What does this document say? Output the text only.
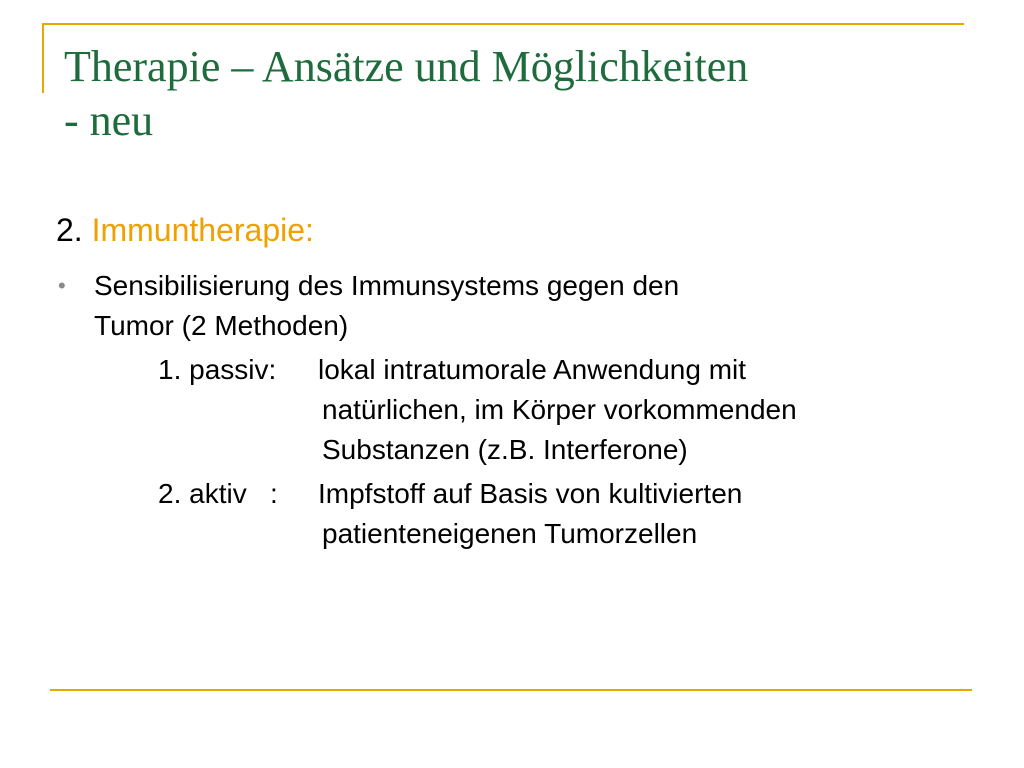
Therapie – Ansätze und Möglichkeiten
- neu

2. Immuntherapie:

• Sensibilisierung des Immunsystems gegen den
Tumor (2 Methoden)
1. passiv: lokal intratumorale Anwendung mit
natürlichen, im Körper vorkommenden
Substanzen (z.B. Interferone)
2. aktiv   : Impfstoff auf Basis von kultivierten
patienteneigenen Tumorzellen
